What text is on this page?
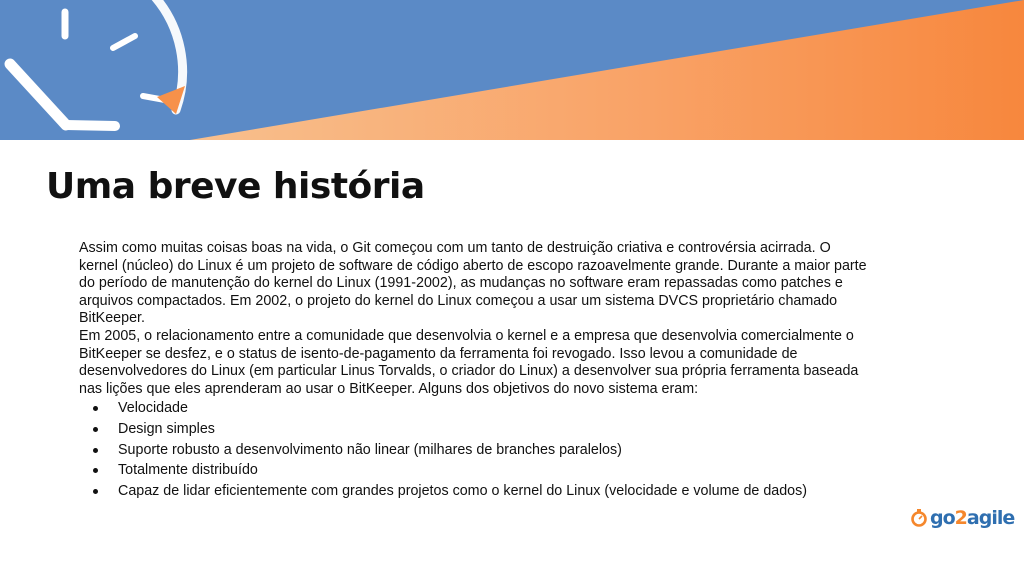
Uma breve história

Assim como muitas coisas boas na vida, o Git começou com um tanto de destruição criativa e controvérsia acirrada. O kernel (núcleo) do Linux é um projeto de software de código aberto de escopo razoavelmente grande. Durante a maior parte do período de manutenção do kernel do Linux (1991-2002), as mudanças no software eram repassadas como patches e arquivos compactados. Em 2002, o projeto do kernel do Linux começou a usar um sistema DVCS proprietário chamado BitKeeper.

Em 2005, o relacionamento entre a comunidade que desenvolvia o kernel e a empresa que desenvolvia comercialmente o BitKeeper se desfez, e o status de isento-de-pagamento da ferramenta foi revogado. Isso levou a comunidade de desenvolvedores do Linux (em particular Linus Torvalds, o criador do Linux) a desenvolver sua própria ferramenta baseada nas lições que eles aprenderam ao usar o BitKeeper. Alguns dos objetivos do novo sistema eram:

Velocidade
Design simples
Suporte robusto a desenvolvimento não linear (milhares de branches paralelos)
Totalmente distribuído
Capaz de lidar eficientemente com grandes projetos como o kernel do Linux (velocidade e volume de dados)
go2agile
